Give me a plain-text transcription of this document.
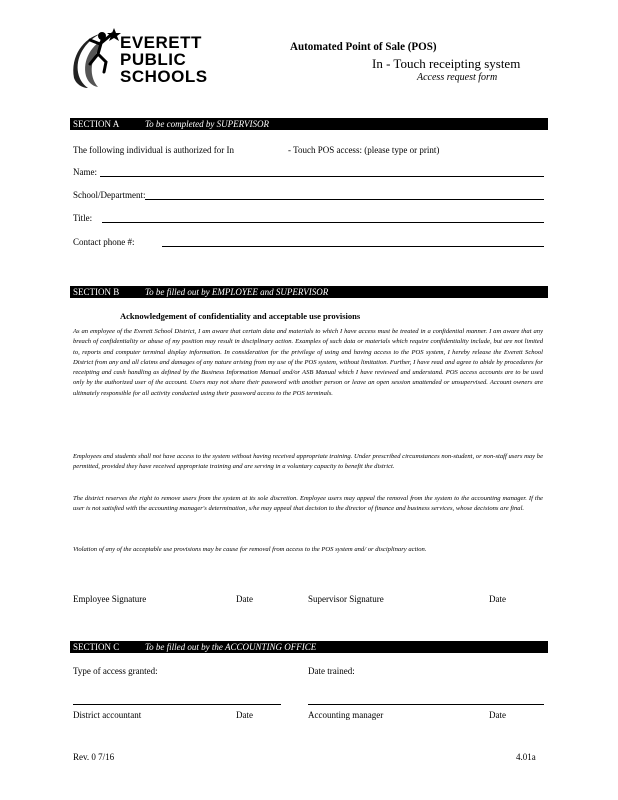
EVERETT
PUBLIC
SCHOOLS
Automated Point of Sale (POS)
In - Touch receipting system
Access request form
SECTION A	To be completed by SUPERVISOR
The following individual is authorized for In	- Touch POS access: (please type or print)
Name:
School/Department:
Title:
Contact phone #:
SECTION B	To be filled out by EMPLOYEE and SUPERVISOR
Acknowledgement of confidentiality and acceptable use provisions
As an employee of the Everett School District, I am aware that certain data and materials to which I have access must be treated in a confidential manner. I am aware that any breach of confidentiality or abuse of my position may result in disciplinary action. Examples of such data or materials which require confidentiality include, but are not limited to, reports and computer terminal display information. In consideration for the privilege of using and having access to the POS system, I hereby release the Everett School District from any and all claims and damages of any nature arising from my use of the POS system, without limitation. Further, I have read and agree to abide by procedures for receipting and cash handling as defined by the Business Information Manual and/or ASB Manual which I have reviewed and understand. POS access accounts are to be used only by the authorized user of the account. Users may not share their password with another person or leave an open session unattended or unsupervised. Account owners are ultimately responsible for all activity conducted using their password access to the POS terminals.
Employees and students shall not have access to the system without having received appropriate training. Under prescribed circumstances non-student, or non-staff users may be permitted, provided they have received appropriate training and are serving in a voluntary capacity to benefit the district.
The district reserves the right to remove users from the system at its sole discretion. Employee users may appeal the removal from the system to the accounting manager. If the user is not satisfied with the accounting manager's determination, s/he may appeal that decision to the director of finance and business services, whose decisions are final.
Violation of any of the acceptable use provisions may be cause for removal from access to the POS system and/ or disciplinary action.
Employee Signature	Date	Supervisor Signature	Date
SECTION C	To be filled out by the ACCOUNTING OFFICE
Type of access granted:	Date trained:
District accountant	Date	Accounting manager	Date
Rev. 0 7/16	4.01a
